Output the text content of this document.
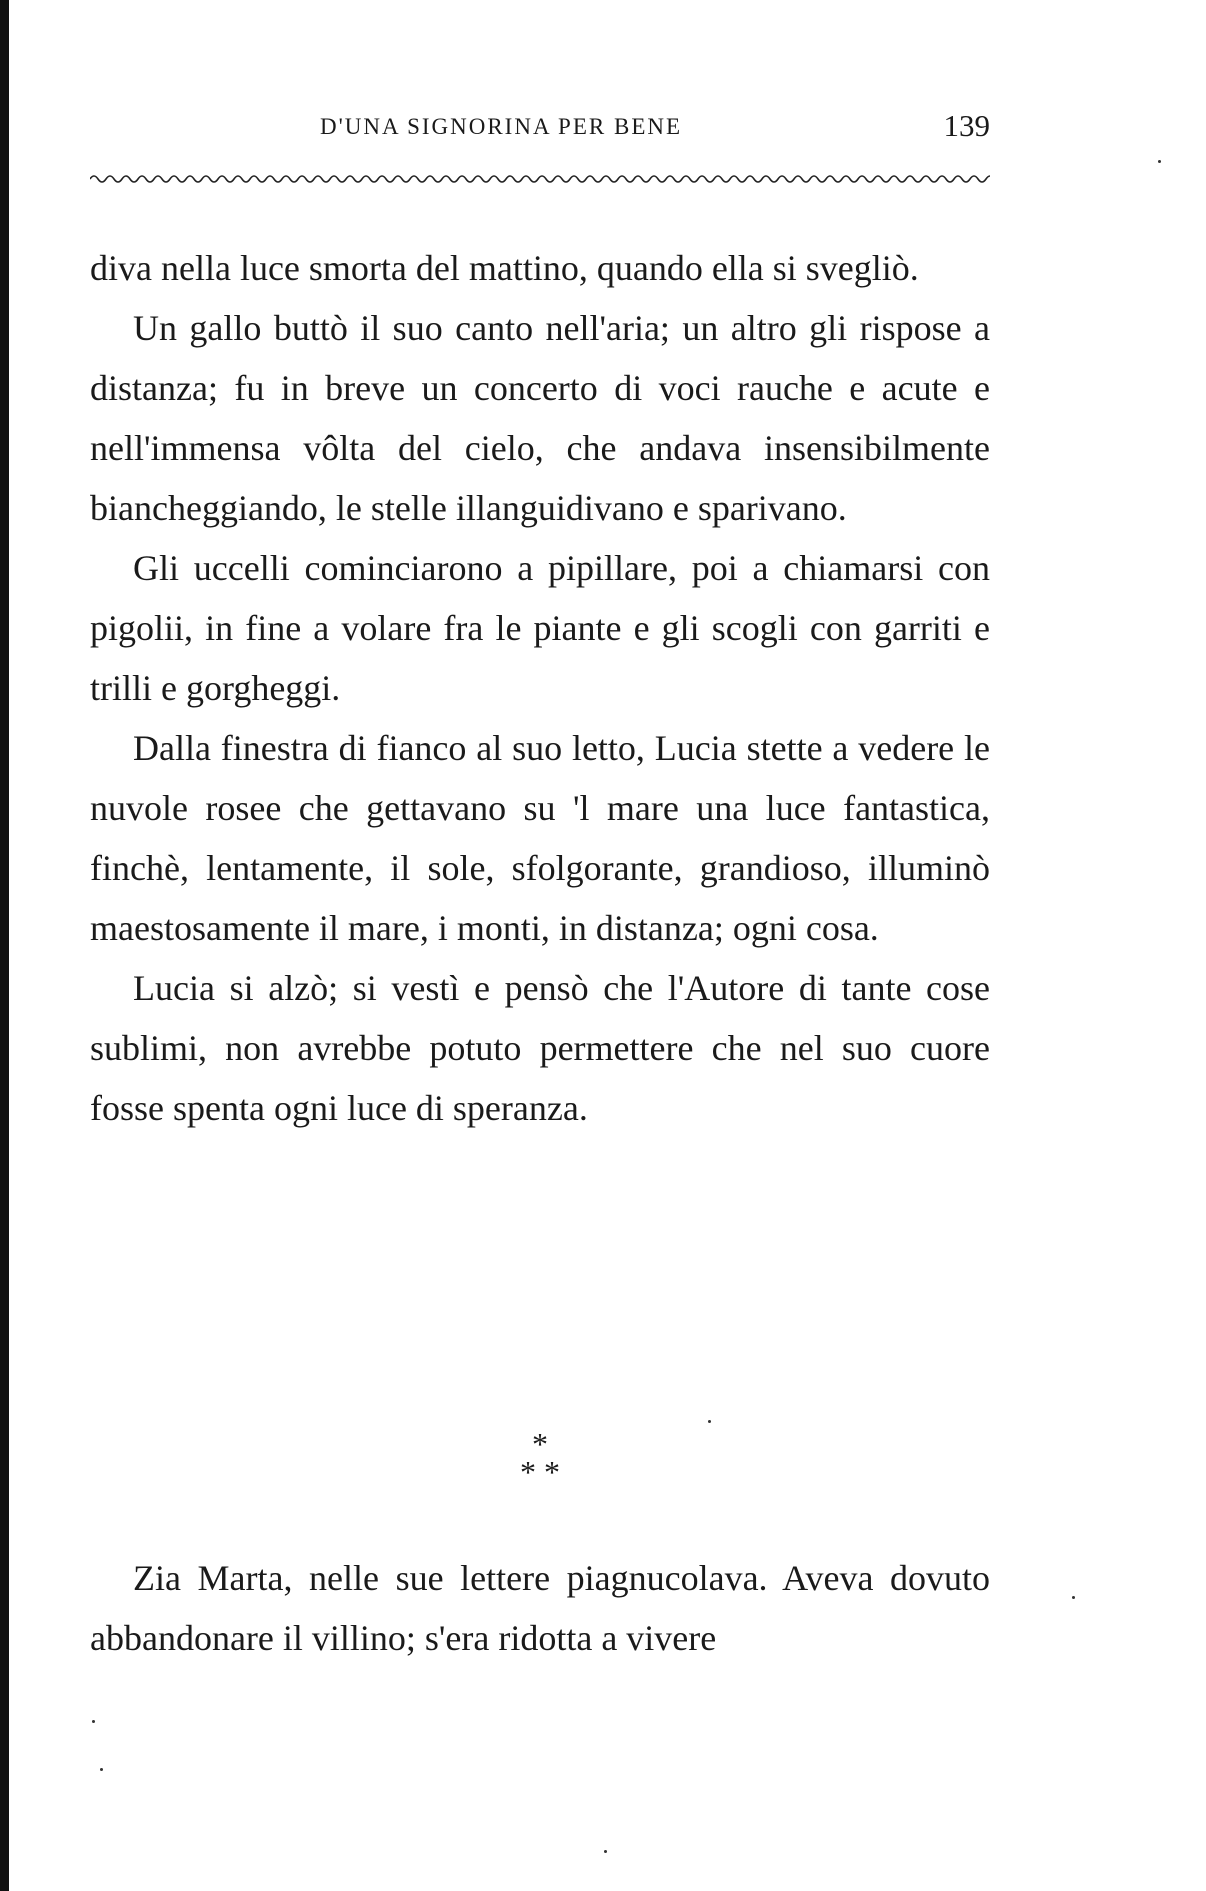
D'UNA SIGNORINA PER BENE	139

diva nella luce smorta del mattino, quando ella si svegliò.

Un gallo buttò il suo canto nell'aria; un altro gli rispose a distanza; fu in breve un concerto di voci rauche e acute e nell'immensa vôlta del cielo, che andava insensibilmente biancheggiando, le stelle illanguidivano e sparivano.

Gli uccelli cominciarono a pipillare, poi a chiamarsi con pigolii, in fine a volare fra le piante e gli scogli con garriti e trilli e gorgheggi.

Dalla finestra di fianco al suo letto, Lucia stette a vedere le nuvole rosee che gettavano su 'l mare una luce fantastica, finchè, lentamente, il sole, sfolgorante, grandioso, illuminò maestosamente il mare, i monti, in distanza; ogni cosa.

Lucia si alzò; si vestì e pensò che l'Autore di tante cose sublimi, non avrebbe potuto permettere che nel suo cuore fosse spenta ogni luce di speranza.

*
* *

Zia Marta, nelle sue lettere piagnucolava. Aveva dovuto abbandonare il villino; s'era ridotta a vivere
